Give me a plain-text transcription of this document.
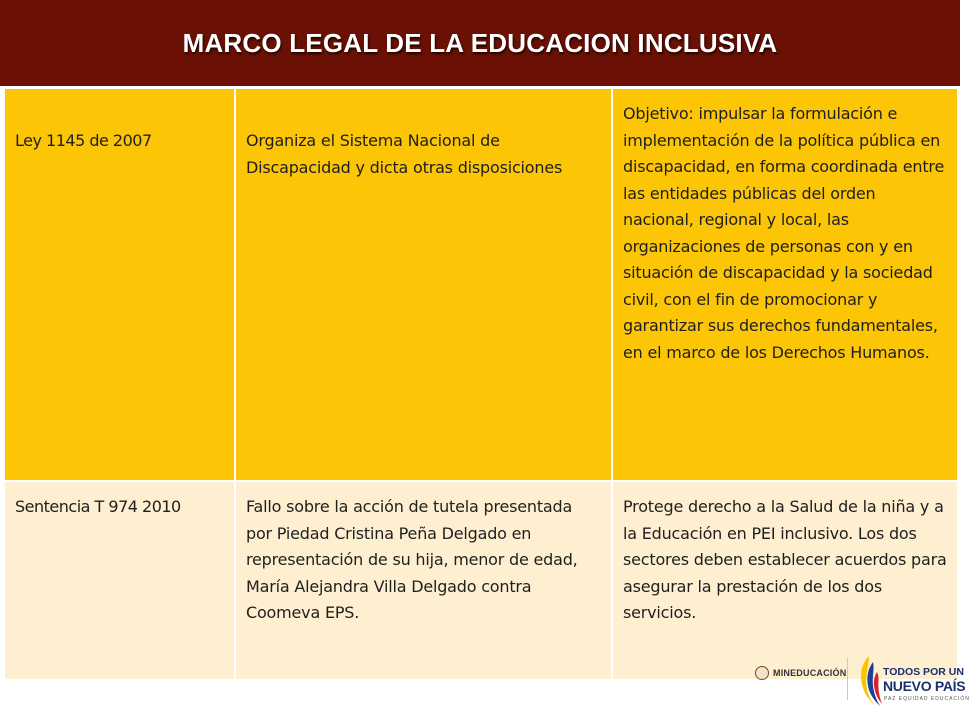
MARCO LEGAL DE LA EDUCACION INCLUSIVA
Ley 1145 de 2007	Organiza el Sistema Nacional de Discapacidad y dicta otras disposiciones	Objetivo: impulsar la formulación e implementación de la política pública en discapacidad, en forma coordinada entre las entidades públicas del orden nacional, regional y local, las organizaciones de personas con y en situación de discapacidad y la sociedad civil, con el fin de promocionar y garantizar sus derechos fundamentales, en el marco de los Derechos Humanos.

Sentencia T 974 2010	Fallo sobre la acción de tutela presentada por Piedad Cristina Peña Delgado en representación de su hija, menor de edad, María Alejandra Villa Delgado contra Coomeva EPS.	Protege derecho a la Salud de la niña y a la Educación en PEI inclusivo. Los dos sectores deben establecer acuerdos para asegurar la prestación de los dos servicios.
MINEDUCACIÓN	TODOS POR UN
NUEVO PAÍS
PAZ EQUIDAD EDUCACIÓN
